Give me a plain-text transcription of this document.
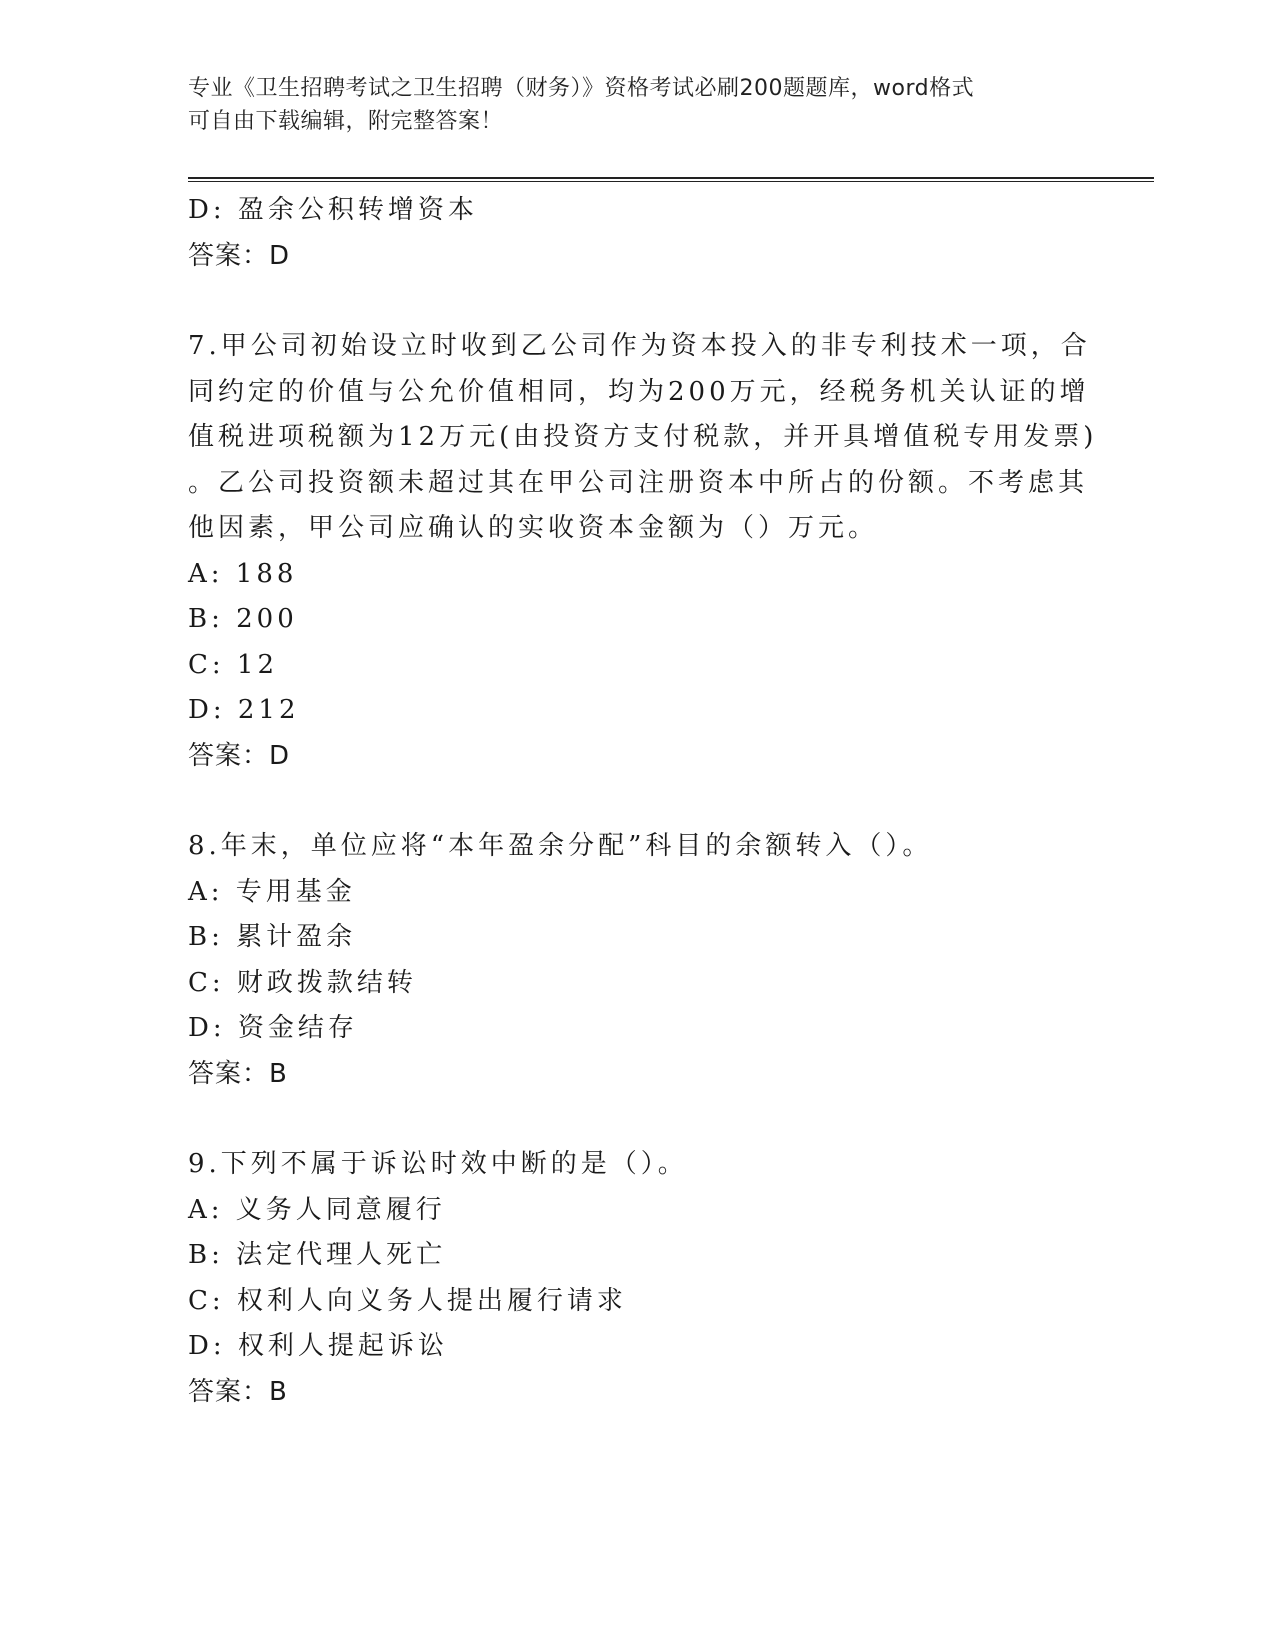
专业《卫生招聘考试之卫生招聘（财务）》资格考试必刷200题题库，word格式
可自由下载编辑，附完整答案！
D: 盈余公积转增资本
答案：D
7.甲公司初始设立时收到乙公司作为资本投入的非专利技术一项，合
同约定的价值与公允价值相同，均为200万元，经税务机关认证的增
值税进项税额为12万元(由投资方支付税款，并开具增值税专用发票)
。乙公司投资额未超过其在甲公司注册资本中所占的份额。不考虑其
他因素，甲公司应确认的实收资本金额为（）万元。
A: 188
B: 200
C: 12
D: 212
答案：D
8.年末，单位应将“本年盈余分配”科目的余额转入（）。
A: 专用基金
B: 累计盈余
C: 财政拨款结转
D: 资金结存
答案：B
9.下列不属于诉讼时效中断的是（）。
A: 义务人同意履行
B: 法定代理人死亡
C: 权利人向义务人提出履行请求
D: 权利人提起诉讼
答案：B
